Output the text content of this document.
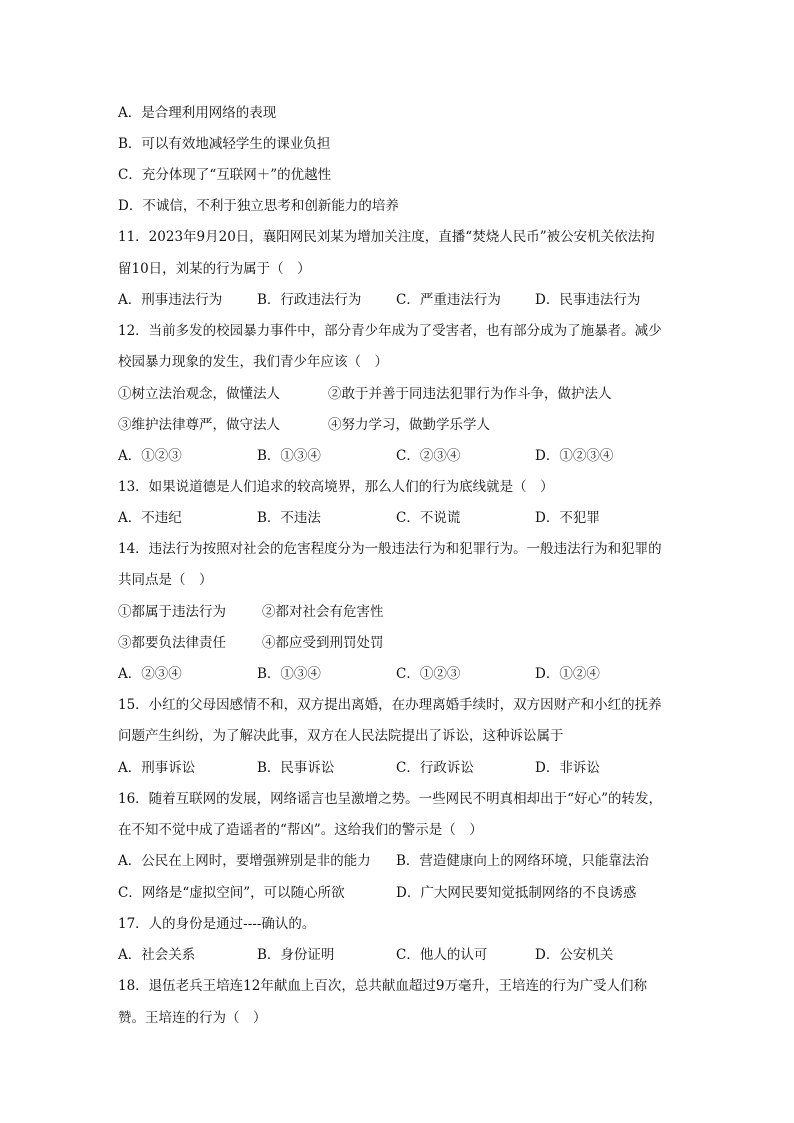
A．是合理利用网络的表现
B．可以有效地减轻学生的课业负担
C．充分体现了“互联网＋”的优越性
D．不诚信，不利于独立思考和创新能力的培养
11．2023年9月20日，襄阳网民刘某为增加关注度，直播“焚烧人民币”被公安机关依法拘
留10日，刘某的行为属于（　）
A．刑事违法行为	B．行政违法行为	C．严重违法行为	D．民事违法行为
12．当前多发的校园暴力事件中，部分青少年成为了受害者，也有部分成为了施暴者。减少
校园暴力现象的发生，我们青少年应该（　）
①树立法治观念，做懂法人	②敢于并善于同违法犯罪行为作斗争，做护法人
③维护法律尊严，做守法人	④努力学习，做勤学乐学人
A．①②③	B．①③④	C．②③④	D．①②③④
13．如果说道德是人们追求的较高境界，那么人们的行为底线就是（　）
A．不违纪	B．不违法	C．不说谎	D．不犯罪
14．违法行为按照对社会的危害程度分为一般违法行为和犯罪行为。一般违法行为和犯罪的
共同点是（　）
①都属于违法行为	②都对社会有危害性
③都要负法律责任	④都应受到刑罚处罚
A．②③④	B．①③④	C．①②③	D．①②④
15．小红的父母因感情不和，双方提出离婚，在办理离婚手续时，双方因财产和小红的抚养
问题产生纠纷，为了解决此事，双方在人民法院提出了诉讼，这种诉讼属于
A．刑事诉讼	B．民事诉讼	C．行政诉讼	D．非诉讼
16．随着互联网的发展，网络谣言也呈激增之势。一些网民不明真相却出于“好心”的转发，
在不知不觉中成了造谣者的“帮凶”。这给我们的警示是（　）
A．公民在上网时，要增强辨别是非的能力 B．营造健康向上的网络环境，只能靠法治
C．网络是“虚拟空间”，可以随心所欲	D．广大网民要知觉抵制网络的不良诱惑
17．人的身份是通过----确认的。
A．社会关系	B．身份证明	C．他人的认可	D．公安机关
18．退伍老兵王培连12年献血上百次，总共献血超过9万毫升，王培连的行为广受人们称
赞。王培连的行为（　）
